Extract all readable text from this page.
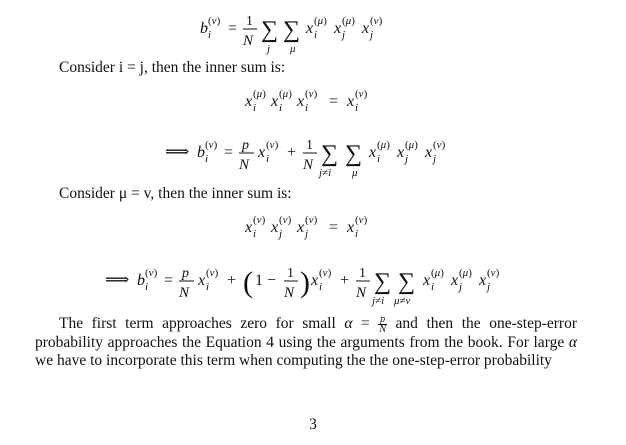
b i
(v) = 1
N ∑
j
∑
μ
x i
(μ) x j
(μ) x j
(v)
Consider i = j, then the inner sum is:
x i
(μ) x i
(μ) x i
(v) = x i
(v)
⟹ b i
(v) = p
N
x i
(v) + 1
N ∑
j≠i
∑
μ
x i
(μ) x j
(μ) x j
(v)
Consider μ = v, then the inner sum is:
x i
(v) x j
(v) x j
(v) = x i
(v)
⟹ b i
(v) = p
N
x i
(v) + ( 1 − 1
N ) x i
(v) + 1
N ∑
j≠i
∑
μ≠v
x i
(μ) x j
(μ) x j
(v)
The first term approaches zero for small $\alpha = \frac{p}{N}$ and then the one-step-error probability approaches the Equation 4 using the arguments from the book. For large α we have to incorporate this term when computing the the one-step-error probability
3
